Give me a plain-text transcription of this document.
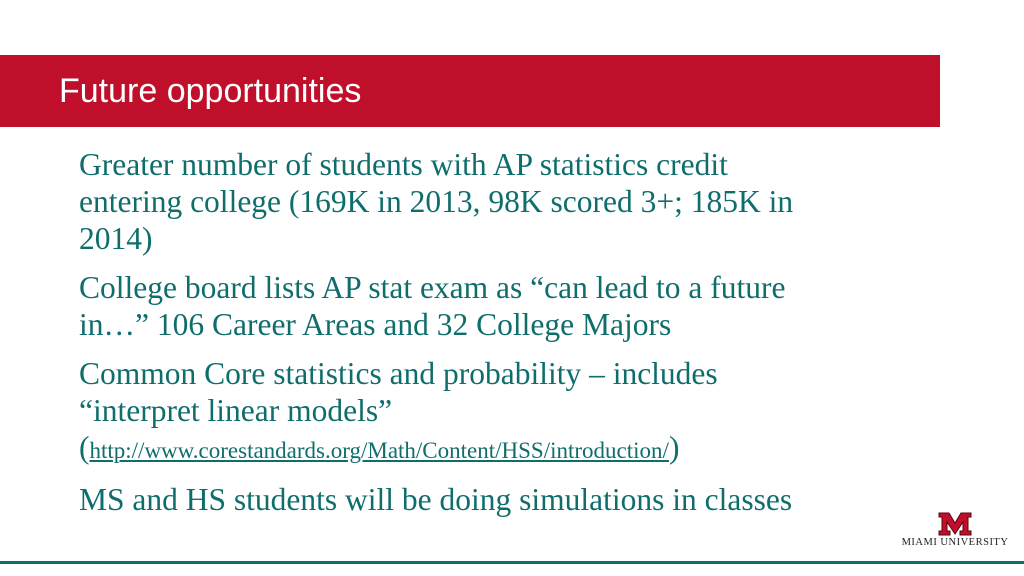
Future opportunities
Greater number of students with AP statistics credit
entering college (169K in 2013, 98K scored 3+; 185K in
2014)
College board lists AP stat exam as “can lead to a future
in…” 106 Career Areas and 32 College Majors
Common Core statistics and probability – includes
“interpret linear models”
(http://www.corestandards.org/Math/Content/HSS/introduction/)
MS and HS students will be doing simulations in classes
MIAMI UNIVERSITY
